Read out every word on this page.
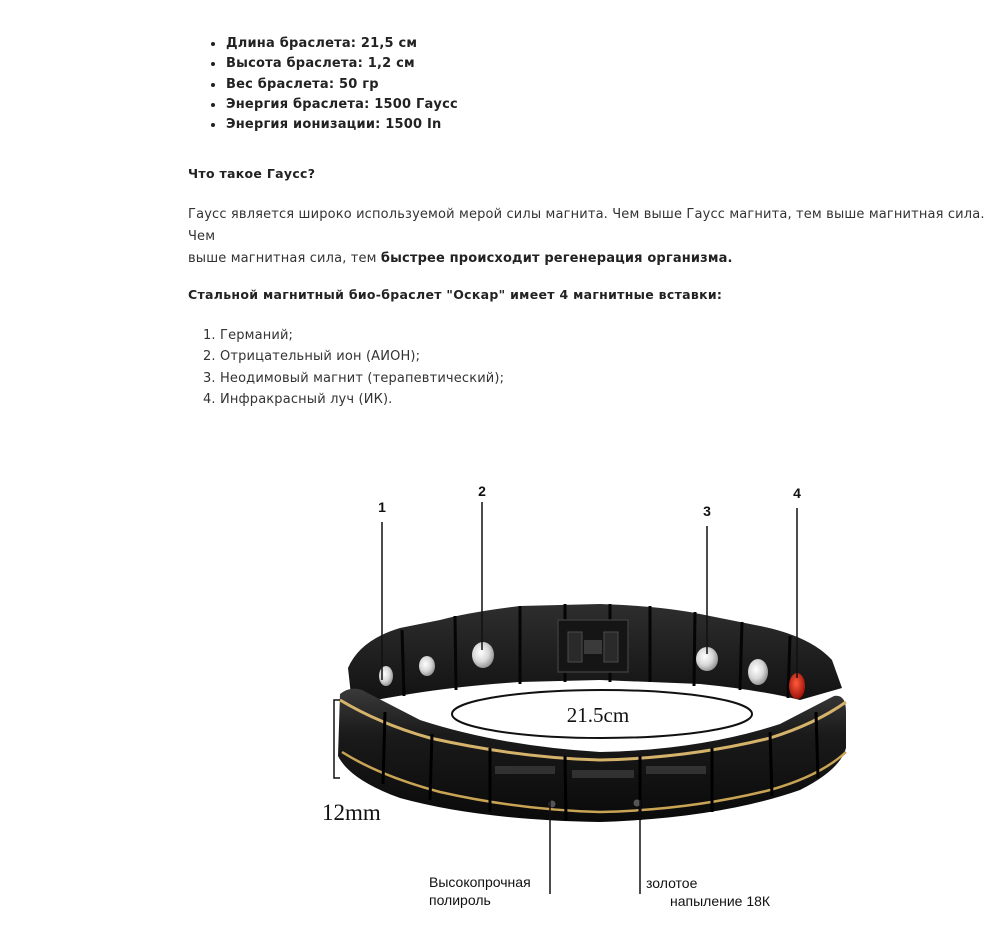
• Длина браслета: 21,5 см
• Высота браслета: 1,2 см
• Вес браслета: 50 гр
• Энергия браслета: 1500 Гаусс
• Энергия ионизации: 1500 In

Что такое Гаусс?

Гаусс является широко используемой мерой силы магнита. Чем выше Гаусс магнита, тем выше магнитная сила. Чем
выше магнитная сила, тем быстрее происходит регенерация организма.

Стальной магнитный био-браслет "Оскар" имеет 4 магнитные вставки:

1. Германий;
2. Отрицательный ион (АИОН);
3. Неодимовый магнит (терапевтический);
4. Инфракрасный луч (ИК).
21.5cm
12mm
1
2
3
4
Высокопрочная
полироль
золотое
напыление 18К
